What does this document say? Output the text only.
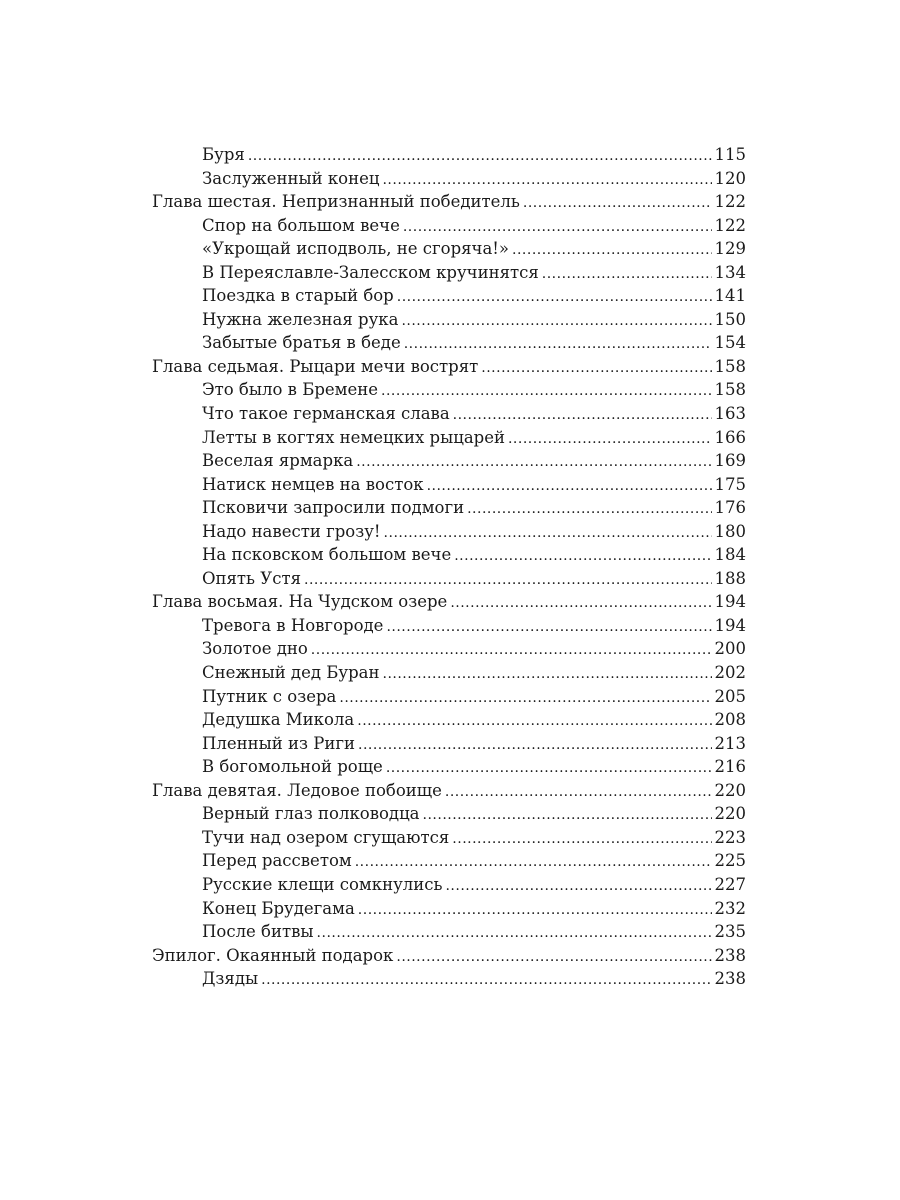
Буря .....	115
Заслуженный конец .....	120
Глава шестая. Непризнанный победитель .....	122
Спор на большом вече .....	122
«Укрощай исподволь, не сгоряча!» .....	129
В Переяславле-Залесском кручинятся .....	134
Поездка в старый бор .....	141
Нужна железная рука .....	150
Забытые братья в беде .....	154
Глава седьмая. Рыцари мечи вострят .....	158
Это было в Бремене .....	158
Что такое германская слава .....	163
Летты в когтях немецких рыцарей .....	166
Веселая ярмарка .....	169
Натиск немцев на восток .....	175
Псковичи запросили подмоги .....	176
Надо навести грозу! .....	180
На псковском большом вече .....	184
Опять Устя .....	188
Глава восьмая. На Чудском озере .....	194
Тревога в Новгороде .....	194
Золотое дно .....	200
Снежный дед Буран .....	202
Путник с озера .....	205
Дедушка Микола .....	208
Пленный из Риги .....	213
В богомольной роще .....	216
Глава девятая. Ледовое побоище .....	220
Верный глаз полководца .....	220
Тучи над озером сгущаются .....	223
Перед рассветом .....	225
Русские клещи сомкнулись .....	227
Конец Брудегама .....	232
После битвы .....	235
Эпилог. Окаянный подарок .....	238
Дзяды .....	238
